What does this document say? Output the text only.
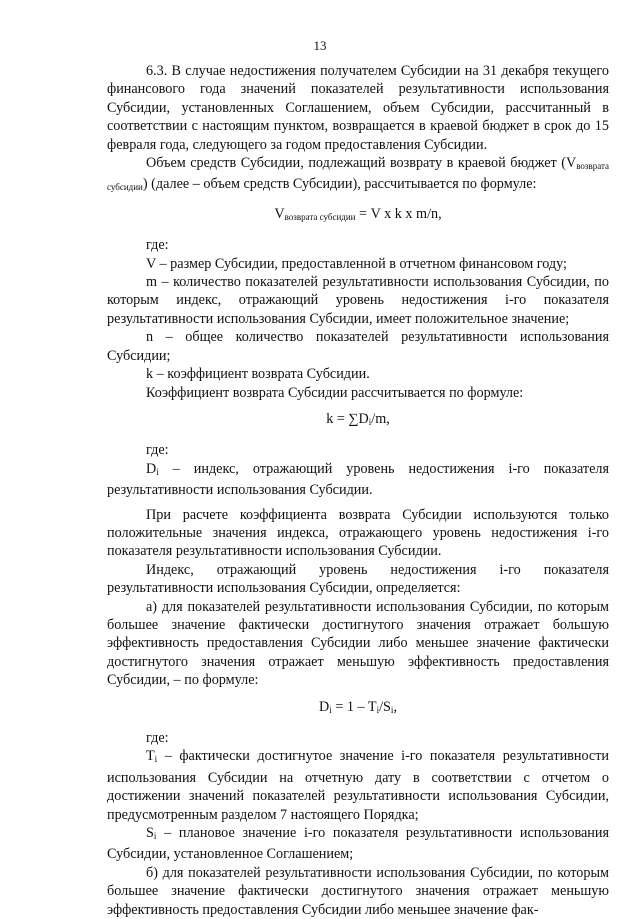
13

6.3. В случае недостижения получателем Субсидии на 31 декабря текущего финансового года значений показателей результативности использования Субсидии, установленных Соглашением, объем Субсидии, рассчитанный в соответствии с настоящим пунктом, возвращается в краевой бюджет в срок до 15 февраля года, следующего за годом предоставления Субсидии.

Объем средств Субсидии, подлежащий возврату в краевой бюджет $(V_{возврата субсидии})$ (далее – объем средств Субсидии), рассчитывается по формуле:

$V_{возврата субсидии} = V$ x k x m/n,

где:

V – размер Субсидии, предоставленной в отчетном финансовом году;

m – количество показателей результативности использования Субсидии, по которым индекс, отражающий уровень недостижения i-го показателя результативности использования Субсидии, имеет положительное значение;

n – общее количество показателей результативности использования Субсидии;

k – коэффициент возврата Субсидии.

Коэффициент возврата Субсидии рассчитывается по формуле:

$k = \sum D_i/m$,

где:

$D_i$ – индекс, отражающий уровень недостижения i-го показателя результативности использования Субсидии.

При расчете коэффициента возврата Субсидии используются только положительные значения индекса, отражающего уровень недостижения i-го показателя результативности использования Субсидии.

Индекс, отражающий уровень недостижения i-го показателя результативности использования Субсидии, определяется:

а) для показателей результативности использования Субсидии, по которым большее значение фактически достигнутого значения отражает большую эффективность предоставления Субсидии либо меньшее значение фактически достигнутого значения отражает меньшую эффективность предоставления Субсидии, – по формуле:

$D_i = 1 - T_i/S_i$,

где:

$T_i$ – фактически достигнутое значение i-го показателя результативности использования Субсидии на отчетную дату в соответствии с отчетом о достижении значений показателей результативности использования Субсидии, предусмотренным разделом 7 настоящего Порядка;

$S_i$ – плановое значение i-го показателя результативности использования Субсидии, установленное Соглашением;

б) для показателей результативности использования Субсидии, по которым большее значение фактически достигнутого значения отражает меньшую эффективность предоставления Субсидии либо меньшее значение фак-
